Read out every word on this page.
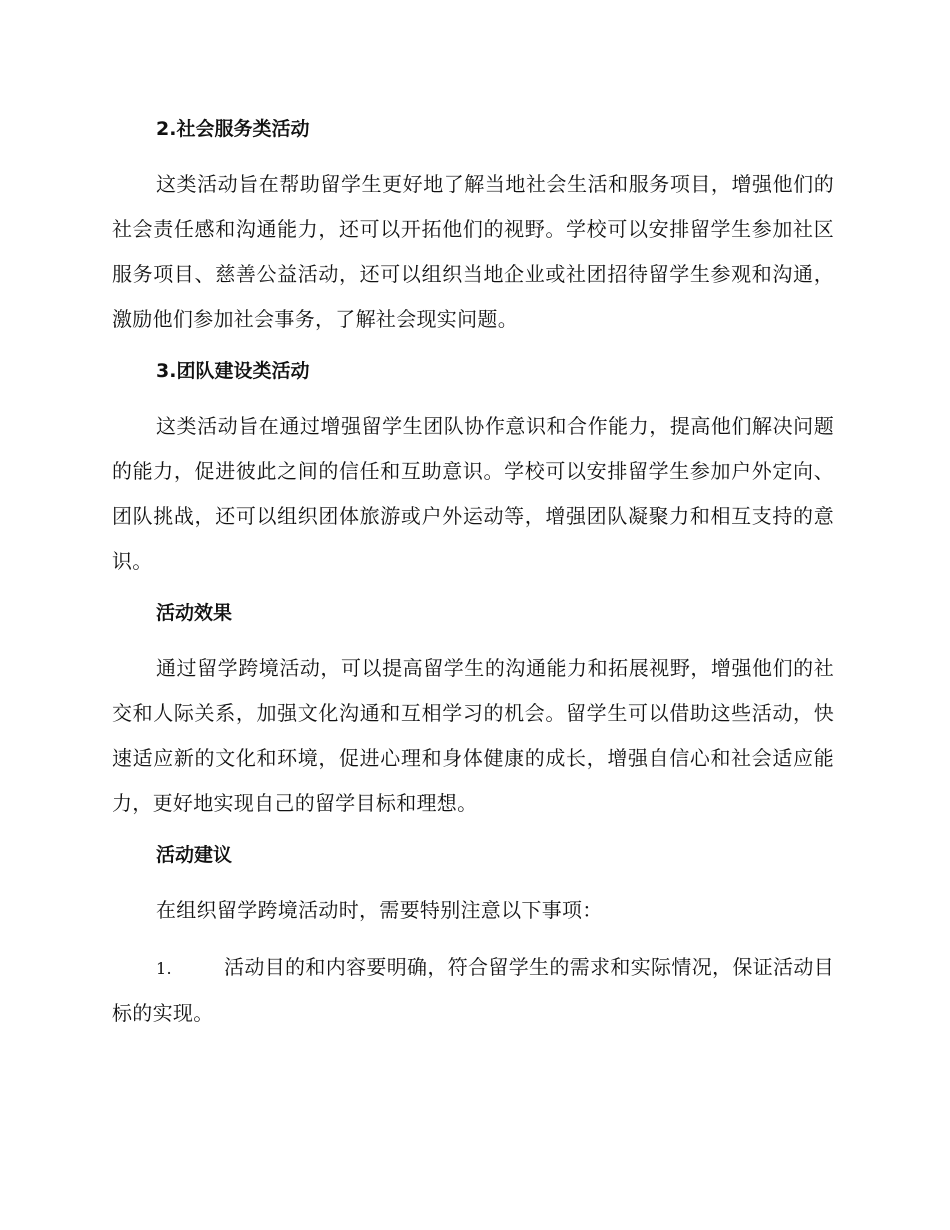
2.社会服务类活动

这类活动旨在帮助留学生更好地了解当地社会生活和服务项目，增强他们的社会责任感和沟通能力，还可以开拓他们的视野。学校可以安排留学生参加社区服务项目、慈善公益活动，还可以组织当地企业或社团招待留学生参观和沟通，激励他们参加社会事务，了解社会现实问题。

3.团队建设类活动

这类活动旨在通过增强留学生团队协作意识和合作能力，提高他们解决问题的能力，促进彼此之间的信任和互助意识。学校可以安排留学生参加户外定向、团队挑战，还可以组织团体旅游或户外运动等，增强团队凝聚力和相互支持的意识。

活动效果

通过留学跨境活动，可以提高留学生的沟通能力和拓展视野，增强他们的社交和人际关系，加强文化沟通和互相学习的机会。留学生可以借助这些活动，快速适应新的文化和环境，促进心理和身体健康的成长，增强自信心和社会适应能力，更好地实现自己的留学目标和理想。

活动建议

在组织留学跨境活动时，需要特别注意以下事项：

1.	活动目的和内容要明确，符合留学生的需求和实际情况，保证活动目标的实现。
